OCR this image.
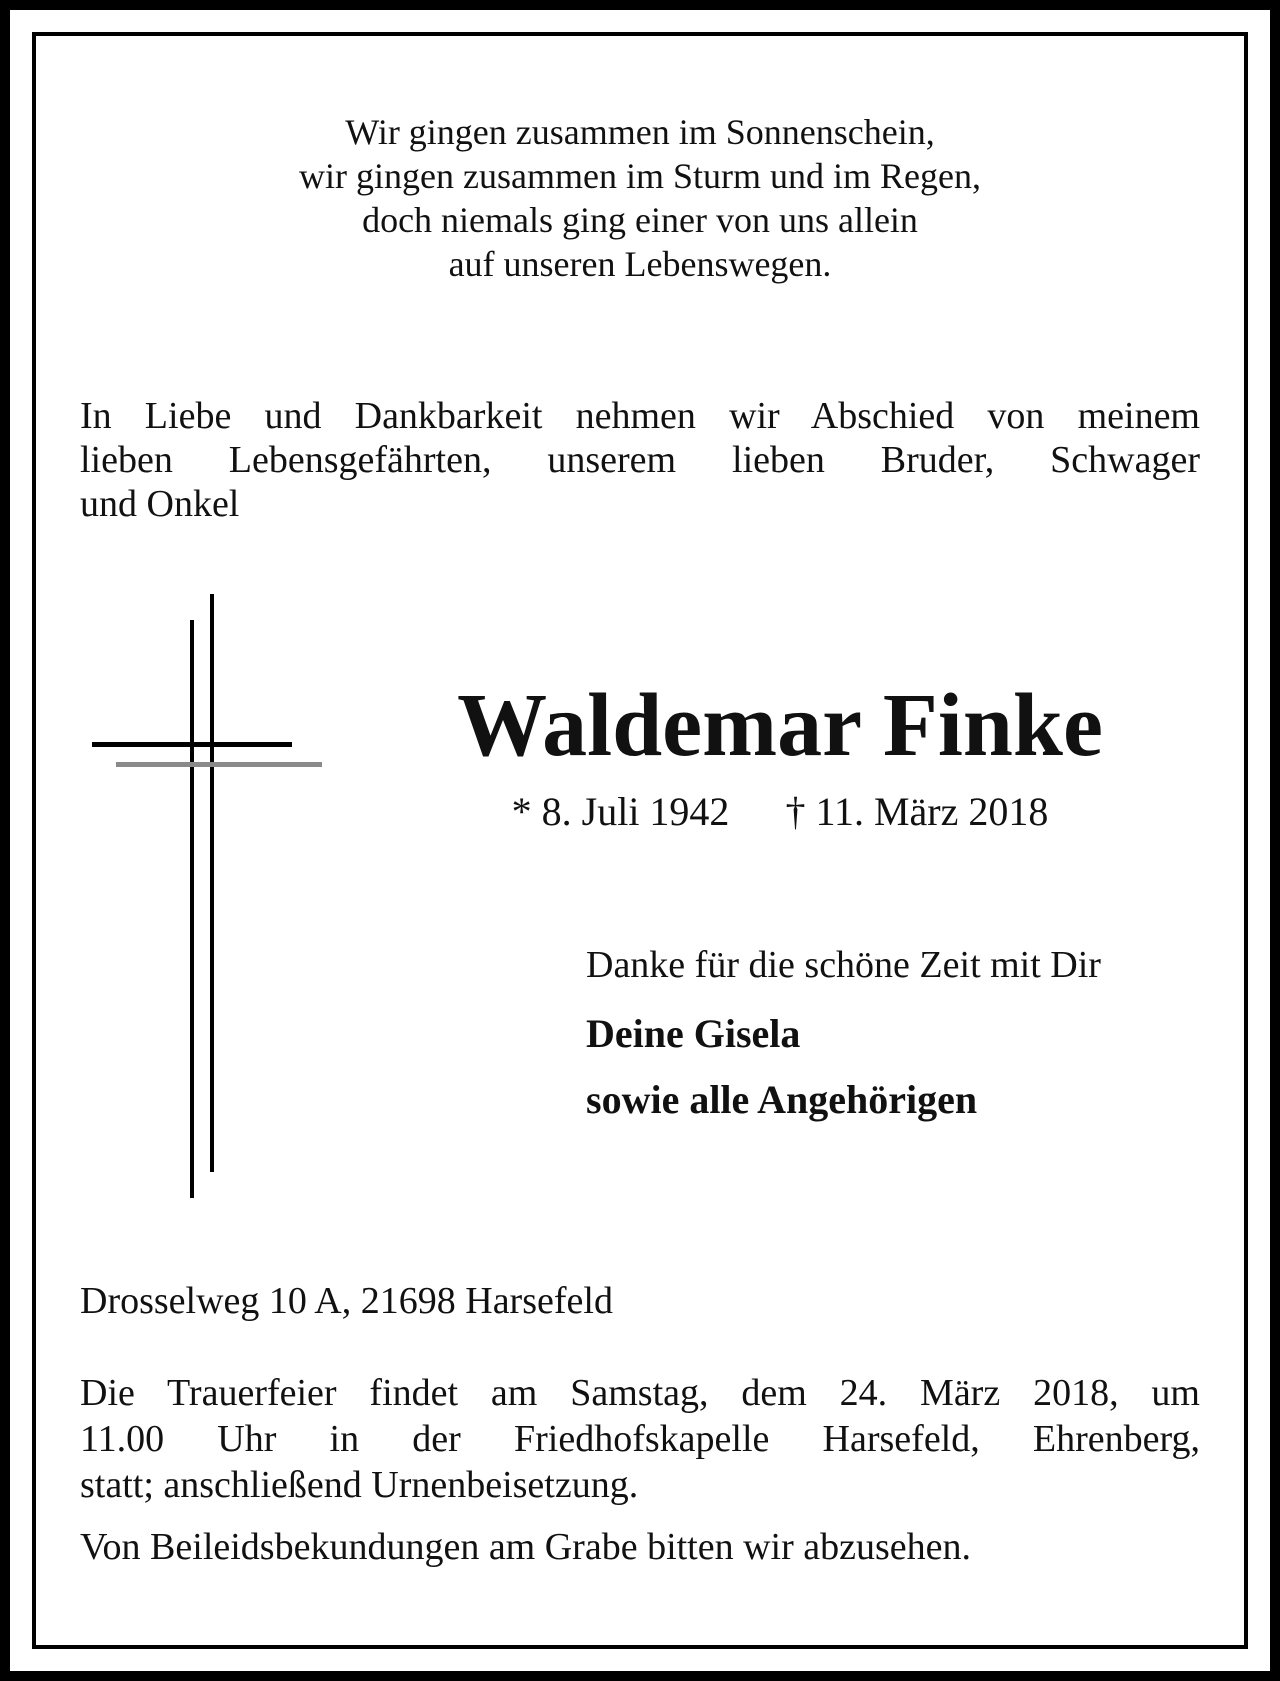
Wir gingen zusammen im Sonnenschein,
wir gingen zusammen im Sturm und im Regen,
doch niemals ging einer von uns allein
auf unseren Lebenswegen.
In Liebe und Dankbarkeit nehmen wir Abschied von meinem
lieben Lebensgefährten, unserem lieben Bruder, Schwager
und Onkel
Waldemar Finke
* 8. Juli 1942 † 11. März 2018
Danke für die schöne Zeit mit Dir
Deine Gisela
sowie alle Angehörigen
Drosselweg 10 A, 21698 Harsefeld
Die Trauerfeier findet am Samstag, dem 24. März 2018, um
11.00 Uhr in der Friedhofskapelle Harsefeld, Ehrenberg,
statt; anschließend Urnenbeisetzung.
Von Beileidsbekundungen am Grabe bitten wir abzusehen.
